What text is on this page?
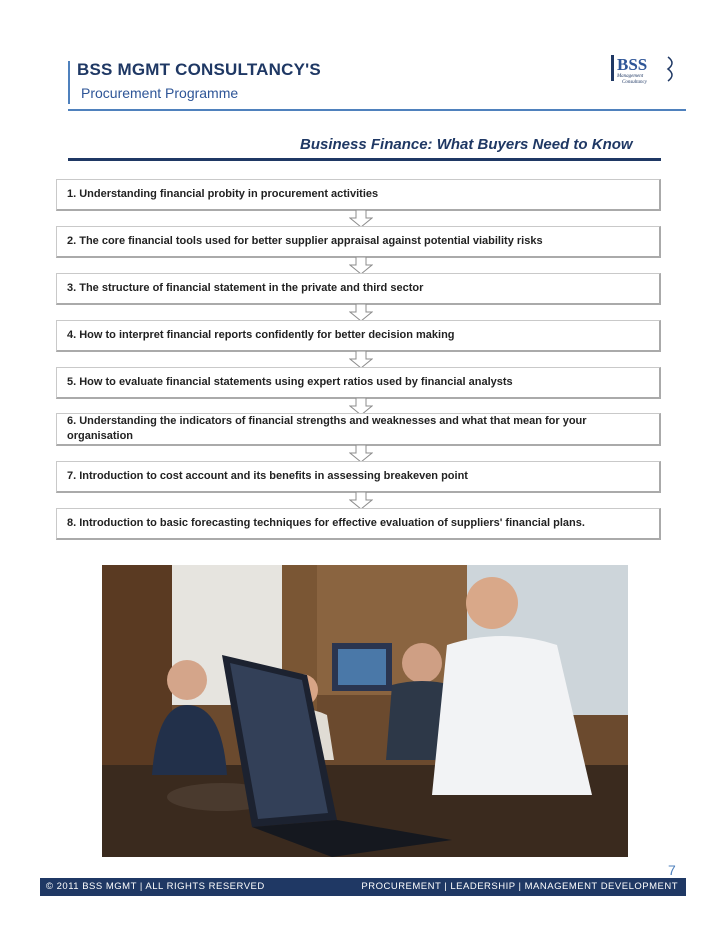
BSS MGMT CONSULTANCY'S
Procurement Programme
BSS
Management
Consultancy
Business Finance: What Buyers Need to Know
1. Understanding financial probity in procurement activities
2. The core financial tools used for better supplier appraisal against potential viability risks
3. The structure of financial statement in the private and third sector
4. How to interpret financial reports confidently for better decision making
5. How to evaluate financial statements using expert ratios used by financial analysts
6. Understanding the indicators of financial strengths and weaknesses and what that mean for your organisation
7. Introduction to cost account and its benefits in assessing breakeven point
8. Introduction to basic forecasting techniques for effective evaluation of suppliers' financial plans.
7
© 2011 BSS MGMT | ALL RIGHTS RESERVED	PROCUREMENT | LEADERSHIP | MANAGEMENT DEVELOPMENT
